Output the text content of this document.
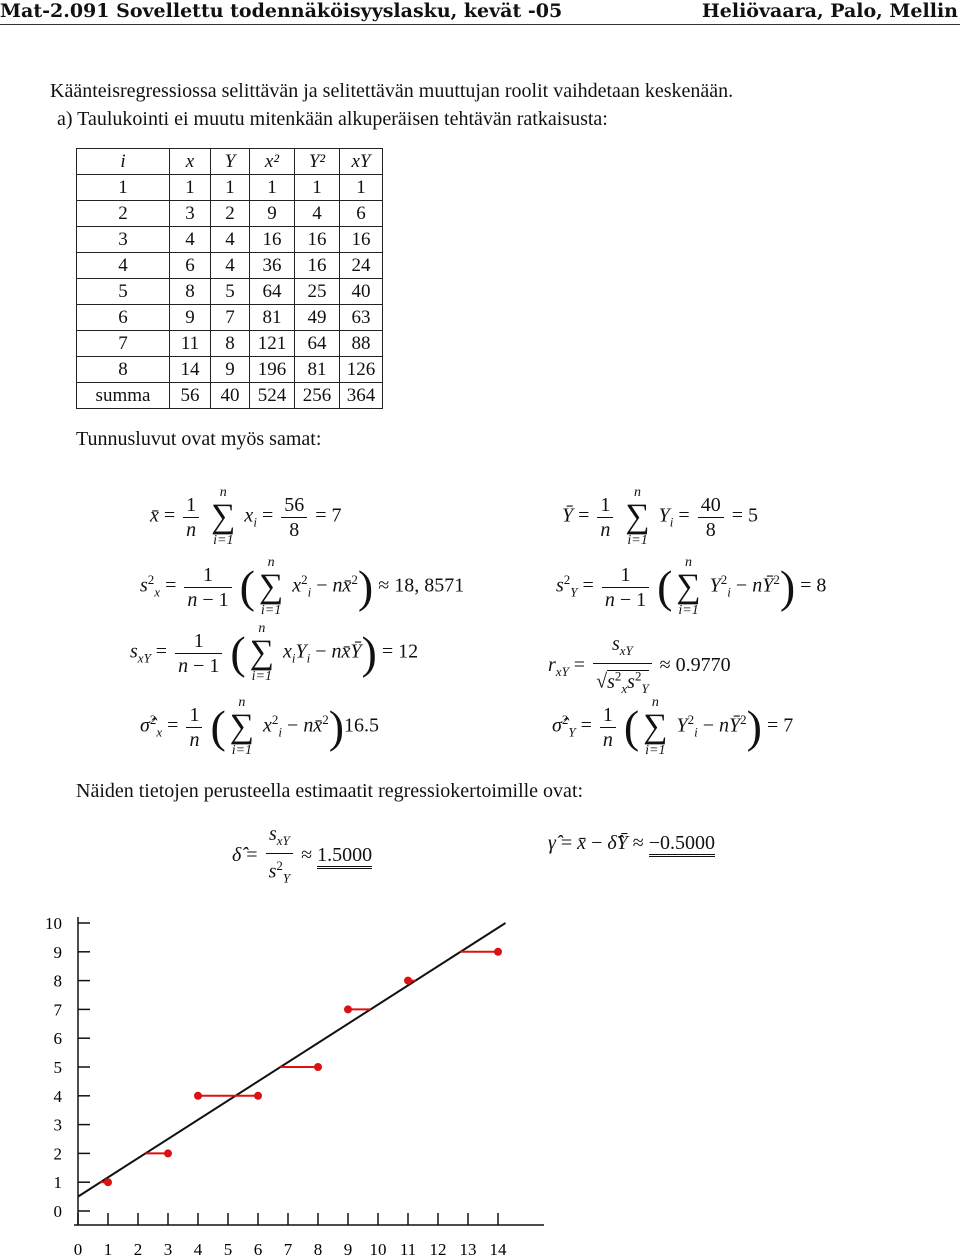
Mat-2.091 Sovellettu todennäköisyyslasku, kevät -05	Heliövaara, Palo, Mellin
Käänteisregressiossa selittävän ja selitettävän muuttujan roolit vaihdetaan keskenään.
a) Taulukointi ei muutu mitenkään alkuperäisen tehtävän ratkaisusta:
i	x	Y	x²	Y²	xY
1	1	1	1	1	1
2	3	2	9	4	6
3	4	4	16	16	16
4	6	4	36	16	24
5	8	5	64	25	40
6	9	7	81	49	63
7	11	8	121	64	88
8	14	9	196	81	126
summa	56	40	524	256	364
Tunnusluvut ovat myös samat:
x̄ = $\frac{1}{n}$
	n
∑
i=1
$x_i = \frac{56}{8} = 7$	Ȳ = $\frac{1}{n}$
	n
∑
i=1
$Y_i = \frac{40}{8} = 5$
$s^2_x = \frac{1}{n - 1}$ ( n
∑
i=1
$x^2_i$ − nx̄$^2$) ≈ 18, 8571	$s^2_Y = \frac{1}{n - 1}$ ( n
∑
i=1
$Y^2_i$ − $nȲ^2) = 8$
$s_{xY} = \frac{1}{n - 1}$ ( n
∑
i=1
$x_iY_i$ − nx̄Ȳ) = 12
$r_{xY} = \frac{s_{xY}}{√s^2_xs^2_Y} \approx 0.9770$
σ̂$^2_x$ = $\frac{1}{n}$ ( n
∑
i=1
$x^2_i$ − nx̄$^2$)16.5	σ̂$^2_Y$ = $\frac{1}{n}$ ( n
∑
i=1
$Y^2_i$ − $nȲ^2) = 7$
Näiden tietojen perusteella estimaatit regressiokertoimille ovat:
δ̂ = $\frac{s_{xY}}{s^2_Y} \approx 1.5000$
γ̂ = x̄ − δ̂Ȳ ≈ −0.5000
0
1
2
3
4
5
6
7
8
9
10
0 1 2 3 4 5 6 7 8 9 10 11 12 13 14
